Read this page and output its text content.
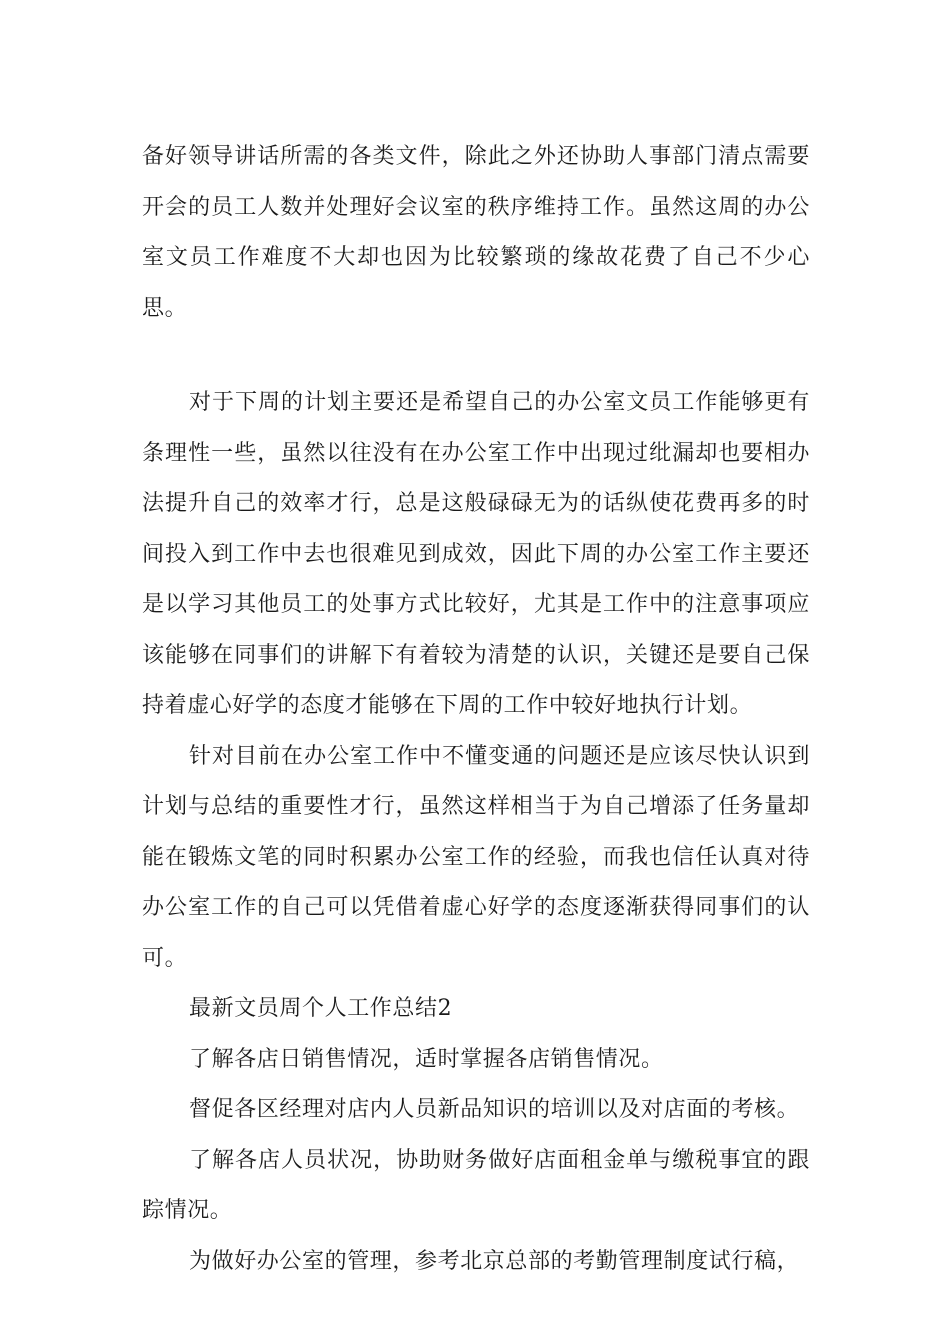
备好领导讲话所需的各类文件，除此之外还协助人事部门清点需要开会的员工人数并处理好会议室的秩序维持工作。虽然这周的办公室文员工作难度不大却也因为比较繁琐的缘故花费了自己不少心思。

对于下周的计划主要还是希望自己的办公室文员工作能够更有条理性一些，虽然以往没有在办公室工作中出现过纰漏却也要相办法提升自己的效率才行，总是这般碌碌无为的话纵使花费再多的时间投入到工作中去也很难见到成效，因此下周的办公室工作主要还是以学习其他员工的处事方式比较好，尤其是工作中的注意事项应该能够在同事们的讲解下有着较为清楚的认识，关键还是要自己保持着虚心好学的态度才能够在下周的工作中较好地执行计划。

针对目前在办公室工作中不懂变通的问题还是应该尽快认识到计划与总结的重要性才行，虽然这样相当于为自己增添了任务量却能在锻炼文笔的同时积累办公室工作的经验，而我也信任认真对待办公室工作的自己可以凭借着虚心好学的态度逐渐获得同事们的认可。

最新文员周个人工作总结2

了解各店日销售情况，适时掌握各店销售情况。

督促各区经理对店内人员新品知识的培训以及对店面的考核。

了解各店人员状况，协助财务做好店面租金单与缴税事宜的跟踪情况。

为做好办公室的管理，参考北京总部的考勤管理制度试行稿，
